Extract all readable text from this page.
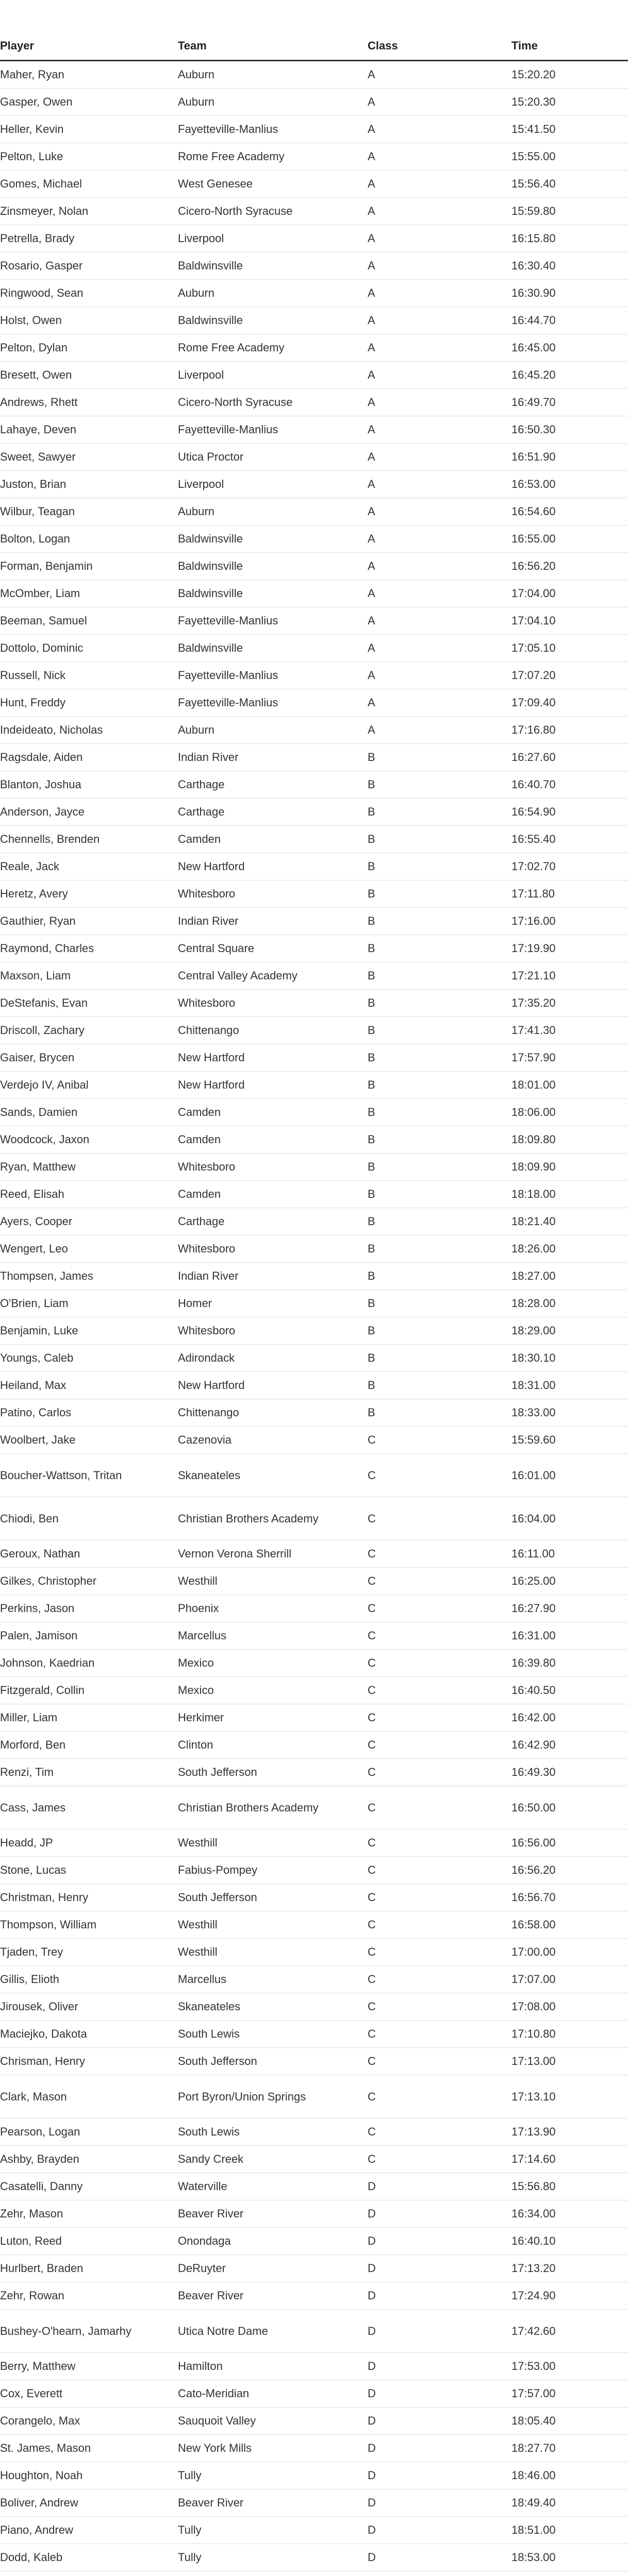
Player	Team	Class	Time
Maher, Ryan	Auburn	A	15:20.20
Gasper, Owen	Auburn	A	15:20.30
Heller, Kevin	Fayetteville-Manlius	A	15:41.50
Pelton, Luke	Rome Free Academy	A	15:55.00
Gomes, Michael	West Genesee	A	15:56.40
Zinsmeyer, Nolan	Cicero-North Syracuse	A	15:59.80
Petrella, Brady	Liverpool	A	16:15.80
Rosario, Gasper	Baldwinsville	A	16:30.40
Ringwood, Sean	Auburn	A	16:30.90
Holst, Owen	Baldwinsville	A	16:44.70
Pelton, Dylan	Rome Free Academy	A	16:45.00
Bresett, Owen	Liverpool	A	16:45.20
Andrews, Rhett	Cicero-North Syracuse	A	16:49.70
Lahaye, Deven	Fayetteville-Manlius	A	16:50.30
Sweet, Sawyer	Utica Proctor	A	16:51.90
Juston, Brian	Liverpool	A	16:53.00
Wilbur, Teagan	Auburn	A	16:54.60
Bolton, Logan	Baldwinsville	A	16:55.00
Forman, Benjamin	Baldwinsville	A	16:56.20
McOmber, Liam	Baldwinsville	A	17:04.00
Beeman, Samuel	Fayetteville-Manlius	A	17:04.10
Dottolo, Dominic	Baldwinsville	A	17:05.10
Russell, Nick	Fayetteville-Manlius	A	17:07.20
Hunt, Freddy	Fayetteville-Manlius	A	17:09.40
Indeideato, Nicholas	Auburn	A	17:16.80
Ragsdale, Aiden	Indian River	B	16:27.60
Blanton, Joshua	Carthage	B	16:40.70
Anderson, Jayce	Carthage	B	16:54.90
Chennells, Brenden	Camden	B	16:55.40
Reale, Jack	New Hartford	B	17:02.70
Heretz, Avery	Whitesboro	B	17:11.80
Gauthier, Ryan	Indian River	B	17:16.00
Raymond, Charles	Central Square	B	17:19.90
Maxson, Liam	Central Valley Academy	B	17:21.10
DeStefanis, Evan	Whitesboro	B	17:35.20
Driscoll, Zachary	Chittenango	B	17:41.30
Gaiser, Brycen	New Hartford	B	17:57.90
Verdejo IV, Anibal	New Hartford	B	18:01.00
Sands, Damien	Camden	B	18:06.00
Woodcock, Jaxon	Camden	B	18:09.80
Ryan, Matthew	Whitesboro	B	18:09.90
Reed, Elisah	Camden	B	18:18.00
Ayers, Cooper	Carthage	B	18:21.40
Wengert, Leo	Whitesboro	B	18:26.00
Thompsen, James	Indian River	B	18:27.00
O'Brien, Liam	Homer	B	18:28.00
Benjamin, Luke	Whitesboro	B	18:29.00
Youngs, Caleb	Adirondack	B	18:30.10
Heiland, Max	New Hartford	B	18:31.00
Patino, Carlos	Chittenango	B	18:33.00
Woolbert, Jake	Cazenovia	C	15:59.60
Boucher-Wattson, Tritan	Skaneateles	C	16:01.00
Chiodi, Ben	Christian Brothers Academy	C	16:04.00
Geroux, Nathan	Vernon Verona Sherrill	C	16:11.00
Gilkes, Christopher	Westhill	C	16:25.00
Perkins, Jason	Phoenix	C	16:27.90
Palen, Jamison	Marcellus	C	16:31.00
Johnson, Kaedrian	Mexico	C	16:39.80
Fitzgerald, Collin	Mexico	C	16:40.50
Miller, Liam	Herkimer	C	16:42.00
Morford, Ben	Clinton	C	16:42.90
Renzi, Tim	South Jefferson	C	16:49.30
Cass, James	Christian Brothers Academy	C	16:50.00
Headd, JP	Westhill	C	16:56.00
Stone, Lucas	Fabius-Pompey	C	16:56.20
Christman, Henry	South Jefferson	C	16:56.70
Thompson, William	Westhill	C	16:58.00
Tjaden, Trey	Westhill	C	17:00.00
Gillis, Elioth	Marcellus	C	17:07.00
Jirousek, Oliver	Skaneateles	C	17:08.00
Maciejko, Dakota	South Lewis	C	17:10.80
Chrisman, Henry	South Jefferson	C	17:13.00
Clark, Mason	Port Byron/Union Springs	C	17:13.10
Pearson, Logan	South Lewis	C	17:13.90
Ashby, Brayden	Sandy Creek	C	17:14.60
Casatelli, Danny	Waterville	D	15:56.80
Zehr, Mason	Beaver River	D	16:34.00
Luton, Reed	Onondaga	D	16:40.10
Hurlbert, Braden	DeRuyter	D	17:13.20
Zehr, Rowan	Beaver River	D	17:24.90
Bushey-O'hearn, Jamarhy	Utica Notre Dame	D	17:42.60
Berry, Matthew	Hamilton	D	17:53.00
Cox, Everett	Cato-Meridian	D	17:57.00
Corangelo, Max	Sauquoit Valley	D	18:05.40
St. James, Mason	New York Mills	D	18:27.70
Houghton, Noah	Tully	D	18:46.00
Boliver, Andrew	Beaver River	D	18:49.40
Piano, Andrew	Tully	D	18:51.00
Dodd, Kaleb	Tully	D	18:53.00
